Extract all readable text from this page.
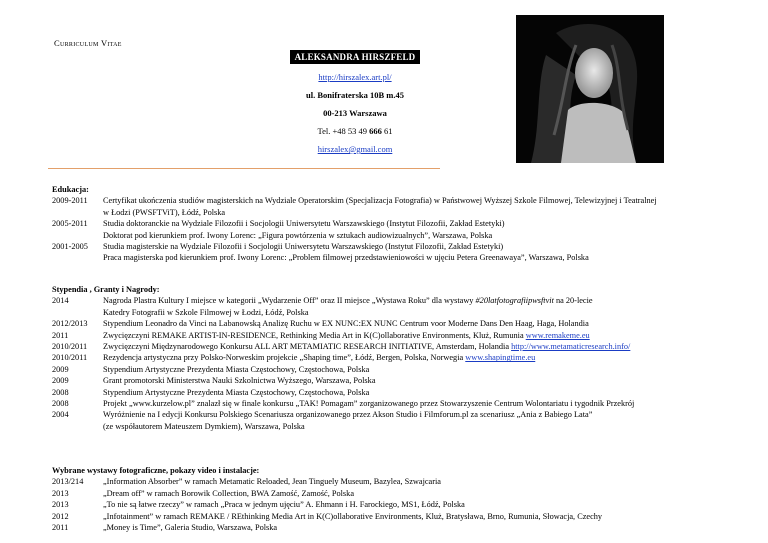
Curriculum Vitae
ALEKSANDRA HIRSZFELD
http://hirszalex.art.pl/
ul. Bonifraterska 10B m.45
00-213 Warszawa
Tel. +48 53 49 666 61
hirszalex@gmail.com
Edukacja:
2009-2011	Certyfikat ukończenia studiów magisterskich na Wydziale Operatorskim (Specjalizacja Fotografia) w Państwowej Wyższej Szkole Filmowej, Telewizyjnej i Teatralnej
w Łodzi (PWSFTViT), Łódź, Polska
2005-2011	Studia doktoranckie na Wydziale Filozofii i Socjologii Uniwersytetu Warszawskiego (Instytut Filozofii, Zakład Estetyki)
Doktorat pod kierunkiem prof. Iwony Lorenc: „Figura powtórzenia w sztukach audiowizualnych”, Warszawa, Polska
2001-2005	Studia magisterskie na Wydziale Filozofii i Socjologii Uniwersytetu Warszawskiego (Instytut Filozofii, Zakład Estetyki)
Praca magisterska pod kierunkiem prof. Iwony Lorenc: „Problem filmowej przedstawieniowości w ujęciu Petera Greenawaya”, Warszawa, Polska
Stypendia , Granty i Nagrody:
2014	Nagroda Plastra Kultury I miejsce w kategorii „Wydarzenie Off” oraz II miejsce „Wystawa Roku” dla wystawy #20latfotografiipwsftvit na 20-lecie
Katedry Fotografii w Szkole Filmowej w Łodzi, Łódź, Polska
2012/2013	Stypendium Leonadro da Vinci na Labanowską Analizę Ruchu w EX NUNC:EX NUNC Centrum voor Moderne Dans Den Haag, Haga, Holandia
2011	Zwycięzczyni REMAKE ARTIST-IN-RESIDENCE, Rethinking Media Art in K(C)ollaborative Environments, Kluż, Rumunia www.remakeme.eu
2010/2011	Zwycięzczyni Międzynarodowego Konkursu ALL ART METAMIATIC RESEARCH INITIATIVE, Amsterdam, Holandia http://www.metamaticresearch.info/
2010/2011	Rezydencja artystyczna przy Polsko-Norweskim projekcie „Shaping time”, Łódź, Bergen, Polska, Norwegia www.shapingtime.eu
2009	Stypendium Artystyczne Prezydenta Miasta Częstochowy, Częstochowa, Polska
2009	Grant promotorski Ministerstwa Nauki Szkolnictwa Wyższego, Warszawa, Polska
2008	Stypendium Artystyczne Prezydenta Miasta Częstochowy, Częstochowa, Polska
2008	Projekt „www.kurzelow.pl” znalazł się w finale konkursu „TAK! Pomagam” zorganizowanego przez Stowarzyszenie Centrum Wolontariatu i tygodnik Przekrój
2004	Wyróżnienie na I edycji Konkursu Polskiego Scenariusza organizowanego przez Akson Studio i Filmforum.pl za scenariusz „Ania z Babiego Lata”
(ze współautorem Mateuszem Dymkiem), Warszawa, Polska
Wybrane wystawy fotograficzne, pokazy video i instalacje:
2013/214	„Information Absorber” w ramach Metamatic Reloaded, Jean Tinguely Museum, Bazylea, Szwajcaria
2013	„Dream off” w ramach Borowik Collection, BWA Zamość, Zamość, Polska
2013	„To nie są łatwe rzeczy” w ramach „Praca w jednym ujęciu” A. Ehmann i H. Farockiego, MS1, Łódź, Polska
2012	„Infotainment” w ramach REMAKE / REthinking Media Art in K(C)ollaborative Environments, Kluż, Bratysława, Brno, Rumunia, Słowacja, Czechy
2011	„Money is Time”, Galeria Studio, Warszawa, Polska
